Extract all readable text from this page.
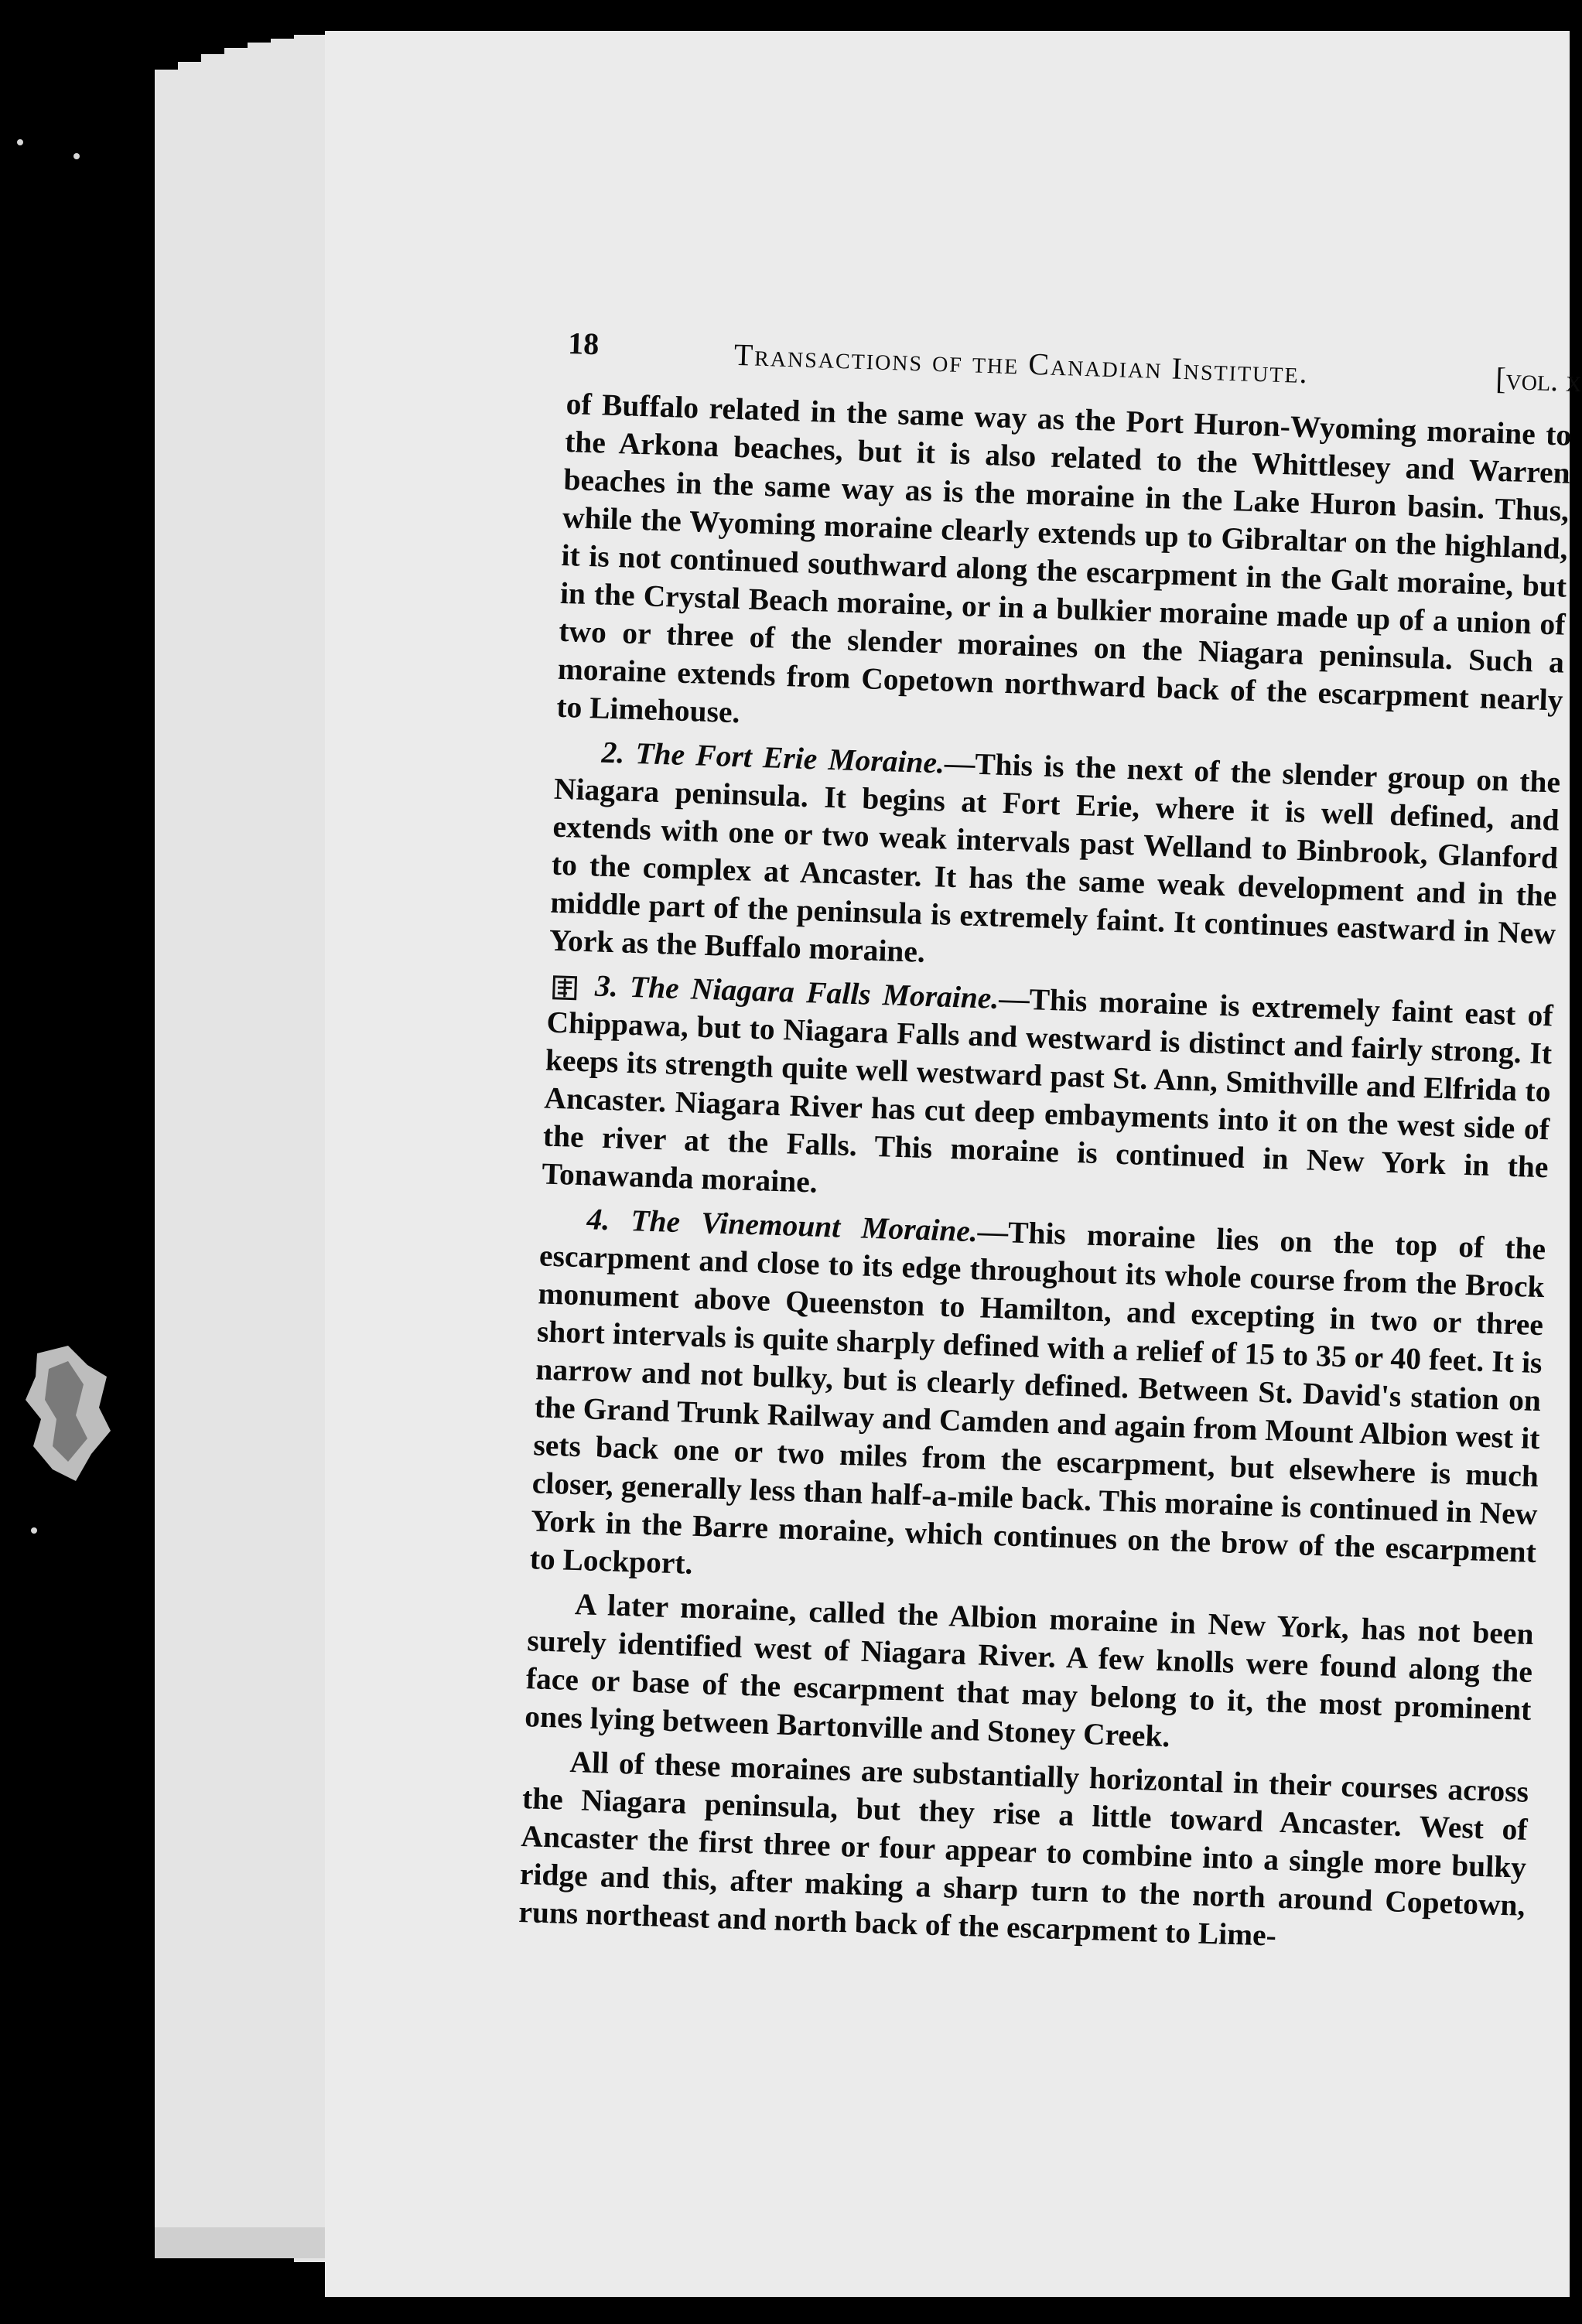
18	Transactions of the Canadian Institute.	[vol. x

of Buffalo related in the same way as the Port Huron-Wyoming moraine to the Arkona beaches, but it is also related to the Whittlesey and Warren beaches in the same way as is the moraine in the Lake Huron basin. Thus, while the Wyoming moraine clearly extends up to Gibraltar on the highland, it is not continued southward along the escarpment in the Galt moraine, but in the Crystal Beach moraine, or in a bulkier moraine made up of a union of two or three of the slender moraines on the Niagara peninsula. Such a moraine extends from Copetown northward back of the escarpment nearly to Limehouse.

2. The Fort Erie Moraine.—This is the next of the slender group on the Niagara peninsula. It begins at Fort Erie, where it is well defined, and extends with one or two weak intervals past Welland to Binbrook, Glanford to the complex at Ancaster. It has the same weak development and in the middle part of the peninsula is extremely faint. It continues eastward in New York as the Buffalo moraine.

3. The Niagara Falls Moraine.—This moraine is extremely faint east of Chippawa, but to Niagara Falls and westward is distinct and fairly strong. It keeps its strength quite well westward past St. Ann, Smithville and Elfrida to Ancaster. Niagara River has cut deep embayments into it on the west side of the river at the Falls. This moraine is continued in New York in the Tonawanda moraine.

4. The Vinemount Moraine.—This moraine lies on the top of the escarpment and close to its edge throughout its whole course from the Brock monument above Queenston to Hamilton, and excepting in two or three short intervals is quite sharply defined with a relief of 15 to 35 or 40 feet. It is narrow and not bulky, but is clearly defined. Between St. David's station on the Grand Trunk Railway and Camden and again from Mount Albion west it sets back one or two miles from the escarpment, but elsewhere is much closer, generally less than half-a-mile back. This moraine is continued in New York in the Barre moraine, which continues on the brow of the escarpment to Lockport.

A later moraine, called the Albion moraine in New York, has not been surely identified west of Niagara River. A few knolls were found along the face or base of the escarpment that may belong to it, the most prominent ones lying between Bartonville and Stoney Creek.

All of these moraines are substantially horizontal in their courses across the Niagara peninsula, but they rise a little toward Ancaster. West of Ancaster the first three or four appear to combine into a single more bulky ridge and this, after making a sharp turn to the north around Copetown, runs northeast and north back of the escarpment to Lime-
